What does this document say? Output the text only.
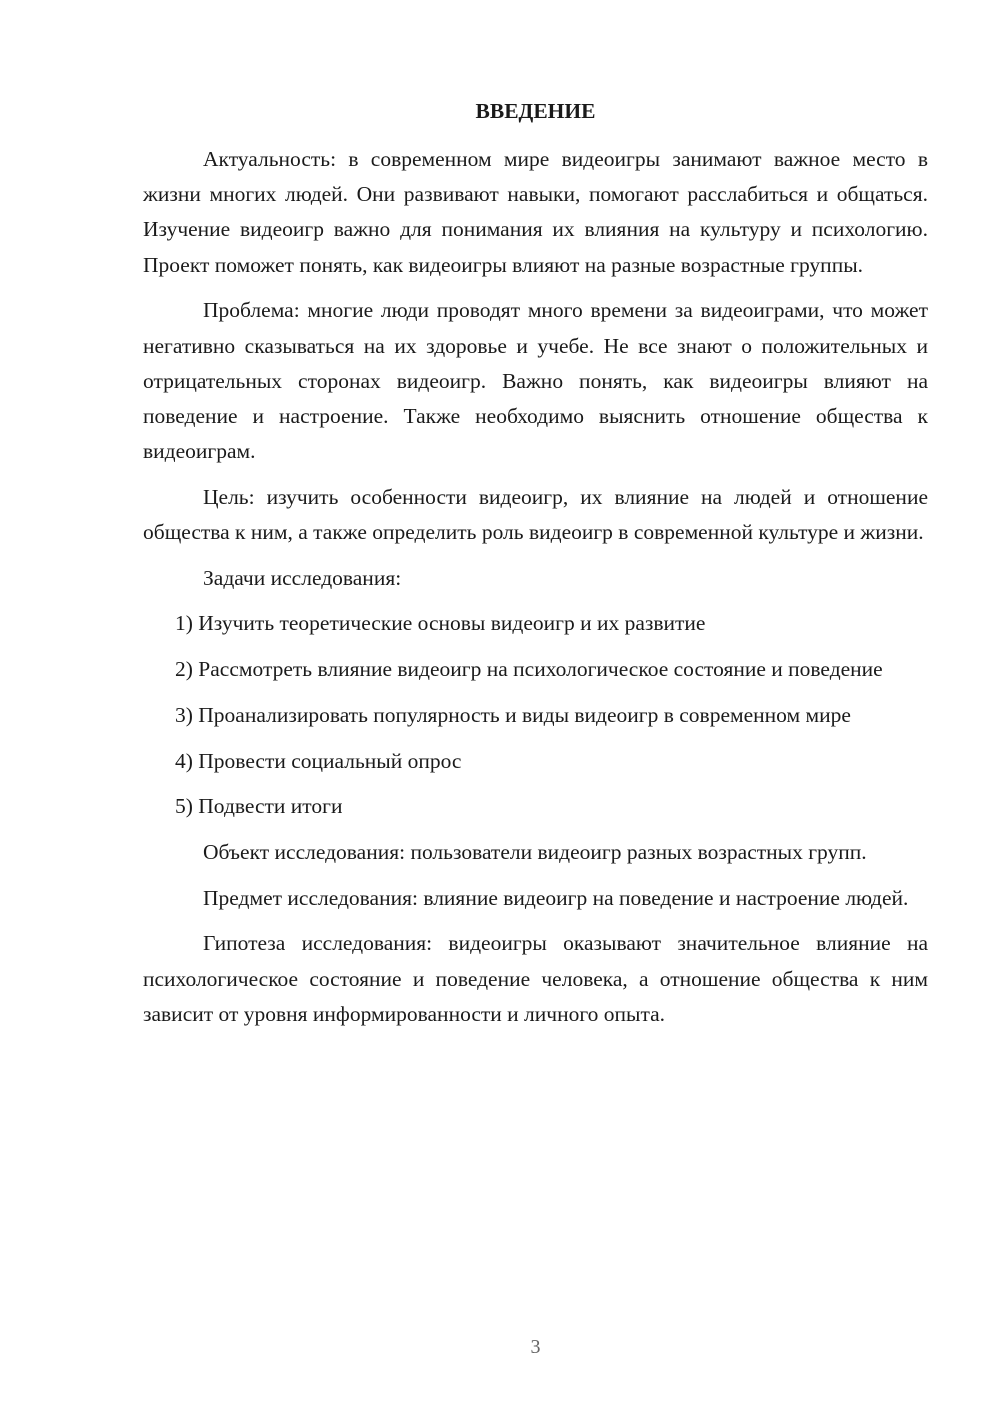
ВВЕДЕНИЕ

Актуальность: в современном мире видеоигры занимают важное место в жизни многих людей. Они развивают навыки, помогают расслабиться и общаться. Изучение видеоигр важно для понимания их влияния на культуру и психологию. Проект поможет понять, как видеоигры влияют на разные возрастные группы.

Проблема: многие люди проводят много времени за видеоиграми, что может негативно сказываться на их здоровье и учебе. Не все знают о положительных и отрицательных сторонах видеоигр. Важно понять, как видеоигры влияют на поведение и настроение. Также необходимо выяснить отношение общества к видеоиграм.

Цель: изучить особенности видеоигр, их влияние на людей и отношение общества к ним, а также определить роль видеоигр в современной культуре и жизни.

Задачи исследования:

1) Изучить теоретические основы видеоигр и их развитие

2) Рассмотреть влияние видеоигр на психологическое состояние и поведение

3) Проанализировать популярность и виды видеоигр в современном мире

4) Провести социальный опрос

5) Подвести итоги

Объект исследования: пользователи видеоигр разных возрастных групп.

Предмет исследования: влияние видеоигр на поведение и настроение людей.

Гипотеза исследования: видеоигры оказывают значительное влияние на психологическое состояние и поведение человека, а отношение общества к ним зависит от уровня информированности и личного опыта.

3
